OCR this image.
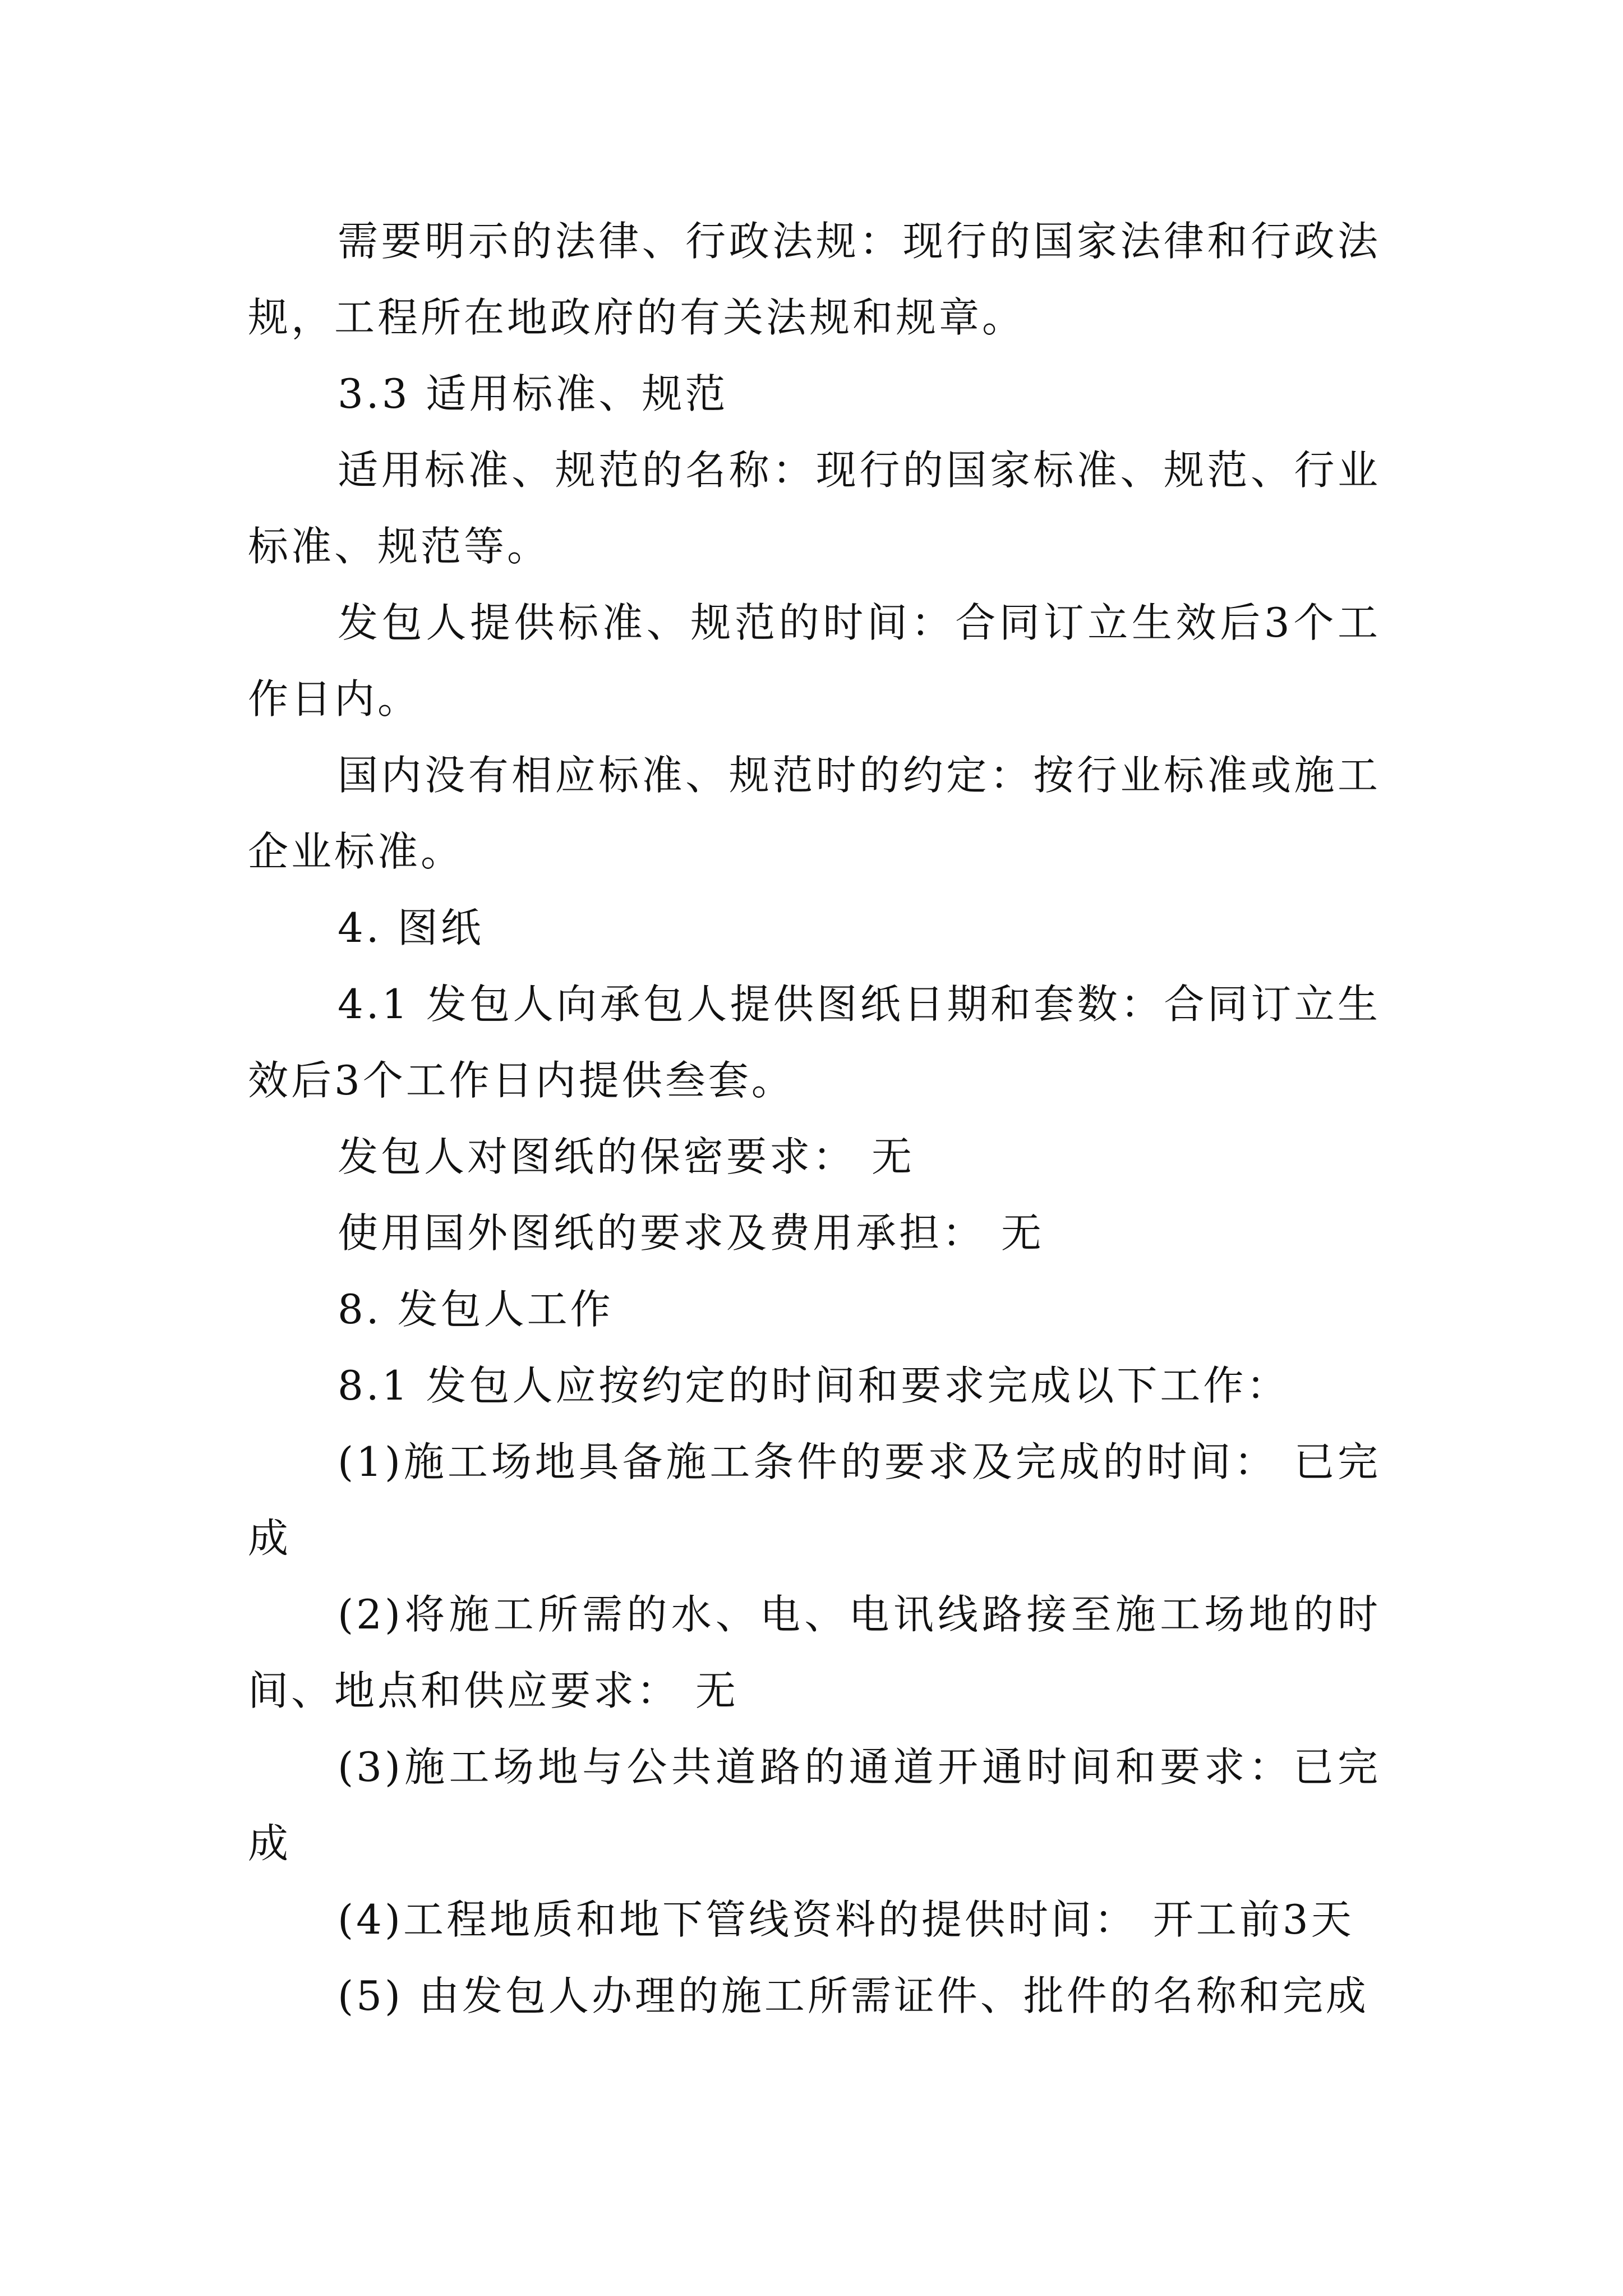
需要明示的法律、行政法规：现行的国家法律和行政法规，工程所在地政府的有关法规和规章。

3.3 适用标准、规范

适用标准、规范的名称：现行的国家标准、规范、行业标准、规范等。

发包人提供标准、规范的时间：合同订立生效后3个工作日内。

国内没有相应标准、规范时的约定：按行业标准或施工企业标准。

4. 图纸

4.1 发包人向承包人提供图纸日期和套数：合同订立生效后3个工作日内提供叁套。

发包人对图纸的保密要求： 无

使用国外图纸的要求及费用承担： 无

8. 发包人工作

8.1 发包人应按约定的时间和要求完成以下工作：

(1)施工场地具备施工条件的要求及完成的时间： 已完成

(2)将施工所需的水、电、电讯线路接至施工场地的时间、地点和供应要求： 无

(3)施工场地与公共道路的通道开通时间和要求：已完成

(4)工程地质和地下管线资料的提供时间： 开工前3天

(5) 由发包人办理的施工所需证件、批件的名称和完成
